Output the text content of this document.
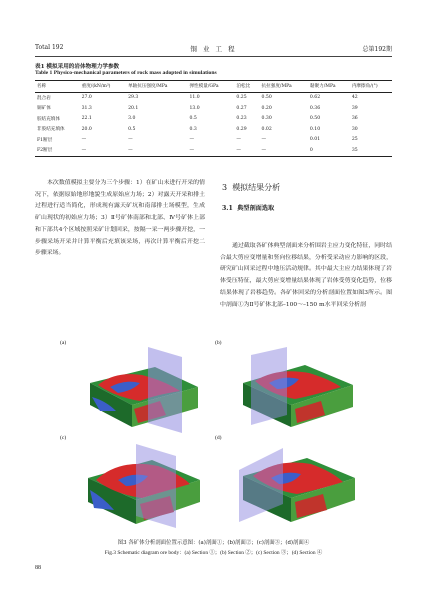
Total 192	铜 业 工 程	总第192期
表1 模拟采用的岩体物理力学参数
Table 1 Physico-mechanical parameters of rock mass adopted in simulations
名称	重度/(kN/m³)	单轴抗压强度/MPa	弹性模量/GPa	泊松比	抗拉强度/MPa	黏聚力/MPa	内摩擦角/(°)
混合岩	27.0	29.3	11.0	0.25	0.50	0.62	42
铜矿体	31.3	20.1	13.0	0.27	0.20	0.36	39
胶结充填体	22.1	3.0	0.5	0.23	0.30	0.50	36
非胶结充填体	20.0	0.5	0.3	0.29	0.02	0.10	30
F1断层	—	—	—	—	—	0.01	25
F2断层	—	—	—	—	—	0	35
本次数值模拟主要分为三个步骤：1）在矿山未进行开采的情况下，依据原始地形地貌生成原始应力场；2）对露天开采和排土过程进行适当简化，形成现有露天矿坑和南部排土场模型，生成矿山现状的初始应力场；3）Ⅱ号矿体南部和北部、Ⅳ号矿体上部和下部共4个区域按照采矿计划回采，按隔一采一两步骤开挖，一步骤采场开采并计算平衡后充填该采场，再次计算平衡后开挖二步骤采场。
3 模拟结果分析
3.1 典型剖面选取
通过截取各矿体典型剖面来分析围岩主应力变化特征，同时结合最大剪应变增量和竖向位移结果，分析受采动应力影响的区段，研究矿山回采过程中地压活动规律。其中最大主应力结果体现了岩体受压特征，最大剪应变增量结果体现了岩体受剪变化趋势，位移结果体现了岩移趋势。各矿体回采的分析剖面位置如图3所示。图中剖面①为Ⅱ号矿体北部–100～–150 m水平回采分析剖
(a)	(b)
(c)	(d)
图3 各矿体分析剖面位置示意图：(a)剖面①；(b)剖面②；(c)剖面③；(d)剖面④
Fig.3 Schematic diagram ore body：(a) Section ①；(b) Section ②；(c) Section ③；(d) Section ④
88
